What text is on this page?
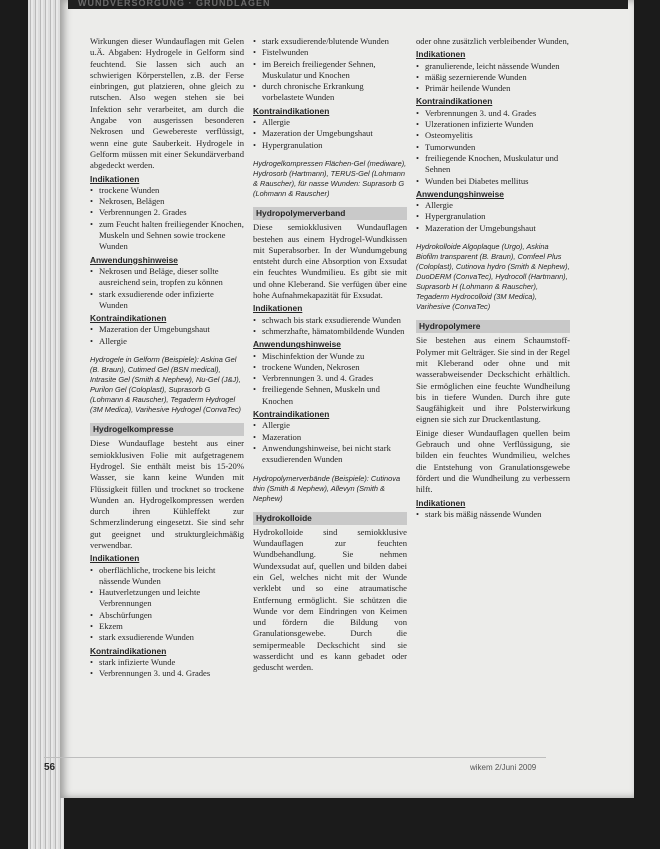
WUNDVERSORGUNG · GRUNDLAGEN

Wirkungen dieser Wundauflagen mit Gelen u.Ä. Abgaben: Hydrogele in Gelform sind feuchtend. Sie lassen sich auch an schwierigen Körperstellen, z.B. der Ferse einbringen, gut platzieren, ohne gleich zu rutschen. Also wegen stehen sie bei Infektion sehr verarbeitet, am durch die Angabe von ausgerissen besonderen Nekrosen und Gewebereste verflüssigt, wenn eine gute Sauberkeit. Hydrogele in Gelform müssen mit einer Sekundärverband abgedeckt werden.

Indikationen
• trockene Wunden
• Nekrosen, Belägen
• Verbrennungen 2. Grades
• zum Feucht halten freiliegender Knochen, Muskeln und Sehnen sowie trockene Wunden
Anwendungshinweise
• Nekrosen und Beläge, dieser sollte ausreichend sein, tropfen zu können
• stark exsudierende oder infizierte Wunden
Kontraindikationen
• Mazeration der Umgebungshaut
• Allergie
Hydrogele in Gelform (Beispiele): Askina Gel (B. Braun), Cutimed Gel (BSN medical), Intrasite Gel (Smith & Nephew), Nu-Gel (J&J), Purilon Gel (Coloplast), Suprasorb G (Lohmann & Rauscher), Tegaderm Hydrogel (3M Medica), Varihesive Hydrogel (ConvaTec)
Hydrogelkompresse

Diese Wundauflage besteht aus einer semiokklusiven Folie mit aufgetragenem Hydrogel. Sie enthält meist bis 15-20% Wasser, sie kann keine Wunden mit Flüssigkeit füllen und trocknet so trockene Wunden an. Hydrogelkompressen werden durch ihren Kühleffekt zur Schmerzlinderung eingesetzt. Sie sind sehr gut geeignet und strukturgleichmäßig verwendbar.

Indikationen
• oberflächliche, trockene bis leicht nässende Wunden
• Hautverletzungen und leichte Verbrennungen
• Abschürfungen
• Ekzem
• stark exsudierende Wunden
Kontraindikationen
• stark infizierte Wunde
• Verbrennungen 3. und 4. Grades
• stark exsudierende/blutende Wunden
• Fistelwunden
• im Bereich freiliegender Sehnen, Muskulatur und Knochen
• durch chronische Erkrankung vorbelastete Wunden
Kontraindikationen
• Allergie
• Mazeration der Umgebungshaut
• Hypergranulation
Hydrogelkompressen Flächen-Gel (mediware), Hydrosorb (Hartmann), TERUS-Gel (Lohmann & Rauscher), für nasse Wunden: Suprasorb G (Lohmann & Rauscher)
Hydropolymerverband

Diese semiokklusiven Wundauflagen bestehen aus einem Hydrogel-Wundkissen mit Superabsorber. In der Wundumgebung entsteht durch eine Absorption von Exsudat ein feuchtes Wundmilieu. Es gibt sie mit und ohne Kleberand. Sie verfügen über eine hohe Aufnahmekapazität für Exsudat.

Indikationen
• schwach bis stark exsudierende Wunden
• schmerzhafte, hämatombildende Wunden
Anwendungshinweise
• Mischinfektion der Wunde zu
• trockene Wunden, Nekrosen
• Verbrennungen 3. und 4. Grades
• freiliegende Sehnen, Muskeln und Knochen
Kontraindikationen
• Allergie
• Mazeration
• Anwendungshinweise, bei nicht stark exsudierenden Wunden
Hydropolymerverbände (Beispiele): Cutinova thin (Smith & Nephew), Allevyn (Smith & Nephew)
Hydrokolloide

Hydrokolloide sind semiokklusive Wundauflagen zur feuchten Wundbehandlung. Sie nehmen Wundexsudat auf, quellen und bilden dabei ein Gel, welches nicht mit der Wunde verklebt und so eine atraumatische Entfernung ermöglicht. Sie schützen die Wunde vor dem Eindringen von Keimen und fördern die Bildung von Granulationsgewebe. Durch die semipermeable Deckschicht sind sie wasserdicht und es kann gebadet oder geduscht werden.

oder ohne zusätzlich verbleibender Wunden,

Indikationen
• granulierende, leicht nässende Wunden
• mäßig sezernierende Wunden
• Primär heilende Wunden
Kontraindikationen
• Verbrennungen 3. und 4. Grades
• Ulzerationen infizierte Wunden
• Osteomyelitis
• Tumorwunden
• freiliegende Knochen, Muskulatur und Sehnen
• Wunden bei Diabetes mellitus
Anwendungshinweise
• Allergie
• Hypergranulation
• Mazeration der Umgebungshaut
Hydrokolloide Algoplaque (Urgo), Askina Biofilm transparent (B. Braun), Comfeel Plus (Coloplast), Cutinova hydro (Smith & Nephew), DuoDERM (ConvaTec), Hydrocoll (Hartmann), Suprasorb H (Lohmann & Rauscher), Tegaderm Hydrocolloid (3M Medica), Varihesive (ConvaTec)
Hydropolymere

Sie bestehen aus einem Schaumstoff-Polymer mit Gelträger. Sie sind in der Regel mit Kleberand oder ohne und mit wasserabweisender Deckschicht erhältlich. Sie ermöglichen eine feuchte Wundheilung bis in tiefere Wunden. Durch ihre gute Saugfähigkeit und ihre Polsterwirkung eignen sie sich zur Druckentlastung.

Einige dieser Wundauflagen quellen beim Gebrauch und ohne Verflüssigung, sie bilden ein feuchtes Wundmilieu, welches die Entstehung von Granulationsgewebe fördert und die Wundheilung zu verbessern hilft.

Indikationen
• stark bis mäßig nässende Wunden
56	wikem 2/Juni 2009
